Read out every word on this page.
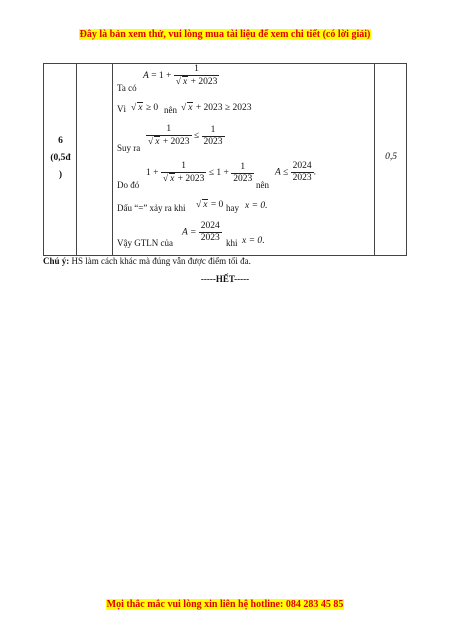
Đây là bản xem thử, vui lòng mua tài liệu để xem chi tiết (có lời giải)
6
(0,5đ
)
0,5
Ta có
$A = 1 + \frac{1}{√ x + 2023}$
Vì √ x ≥ 0 nên √ x + 2023 ≥ 2023
Suy ra $\frac{1}{√ x + 2023} \le \frac{1}{2023}$
Do đó
$1 + \frac{1}{√ x + 2023} \le 1 + \frac{1}{2023}$
nên
$A \le \frac{2024}{2023}$ .
Dấu “=” xảy ra khi √ x = 0 hay x = 0.
$A = \frac{2024}{2023}$
Vậy GTLN của	khi x = 0.
Chú ý: HS làm cách khác mà đúng vẫn được điểm tối đa.
-----HẾT-----
Mọi thắc mắc vui lòng xin liên hệ hotline: 084 283 45 85
